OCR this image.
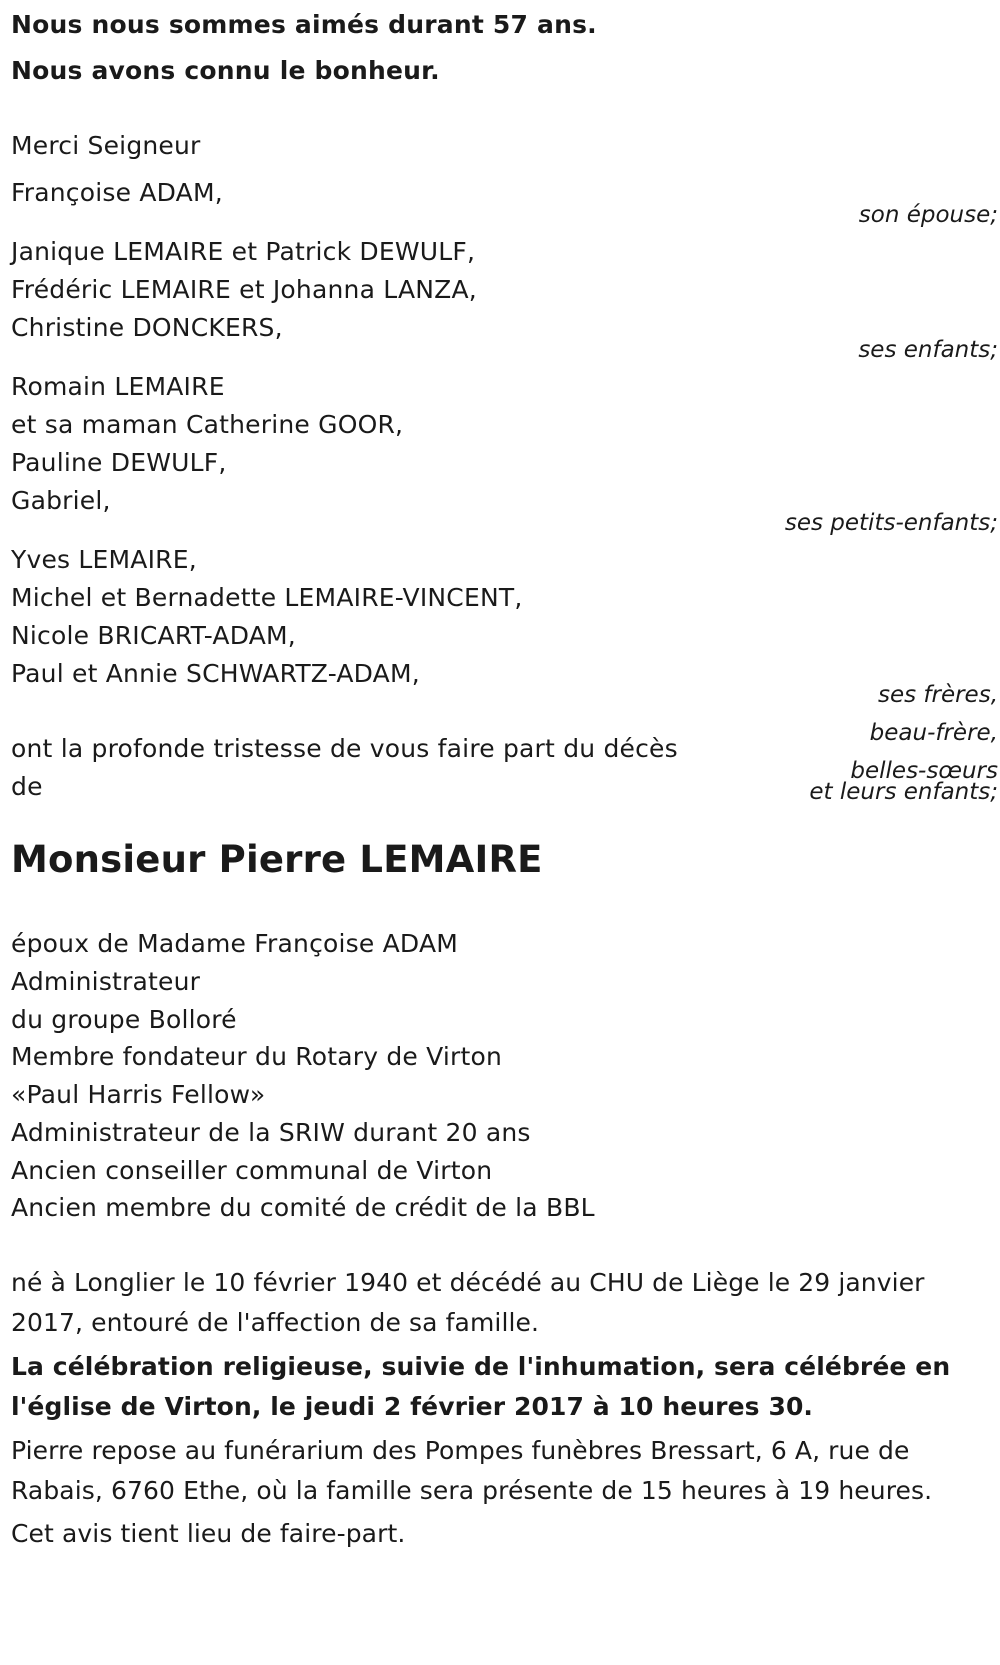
Nous nous sommes aimés durant 57 ans.
Nous avons connu le bonheur.
Merci Seigneur
Françoise ADAM,
son épouse;
Janique LEMAIRE et Patrick DEWULF,
Frédéric LEMAIRE et Johanna LANZA,
Christine DONCKERS,
ses enfants;
Romain LEMAIRE
et sa maman Catherine GOOR,
Pauline DEWULF,
Gabriel,
ses petits-enfants;
Yves LEMAIRE,
Michel et Bernadette LEMAIRE-VINCENT,
Nicole BRICART-ADAM,
Paul et Annie SCHWARTZ-ADAM,
ses frères,
beau-frère,
belles-sœurs
et leurs enfants;
ont la profonde tristesse de vous faire part du décès
de
Monsieur Pierre LEMAIRE
époux de Madame Françoise ADAM
Administrateur
du groupe Bolloré
Membre fondateur du Rotary de Virton
«Paul Harris Fellow»
Administrateur de la SRIW durant 20 ans
Ancien conseiller communal de Virton
Ancien membre du comité de crédit de la BBL
né à Longlier le 10 février 1940 et décédé au CHU de Liège le 29 janvier 2017, entouré de l'affection de sa famille.
La célébration religieuse, suivie de l'inhumation, sera célébrée en l'église de Virton, le jeudi 2 février 2017 à 10 heures 30.
Pierre repose au funérarium des Pompes funèbres Bressart, 6 A, rue de Rabais, 6760 Ethe, où la famille sera présente de 15 heures à 19 heures.
Cet avis tient lieu de faire-part.
